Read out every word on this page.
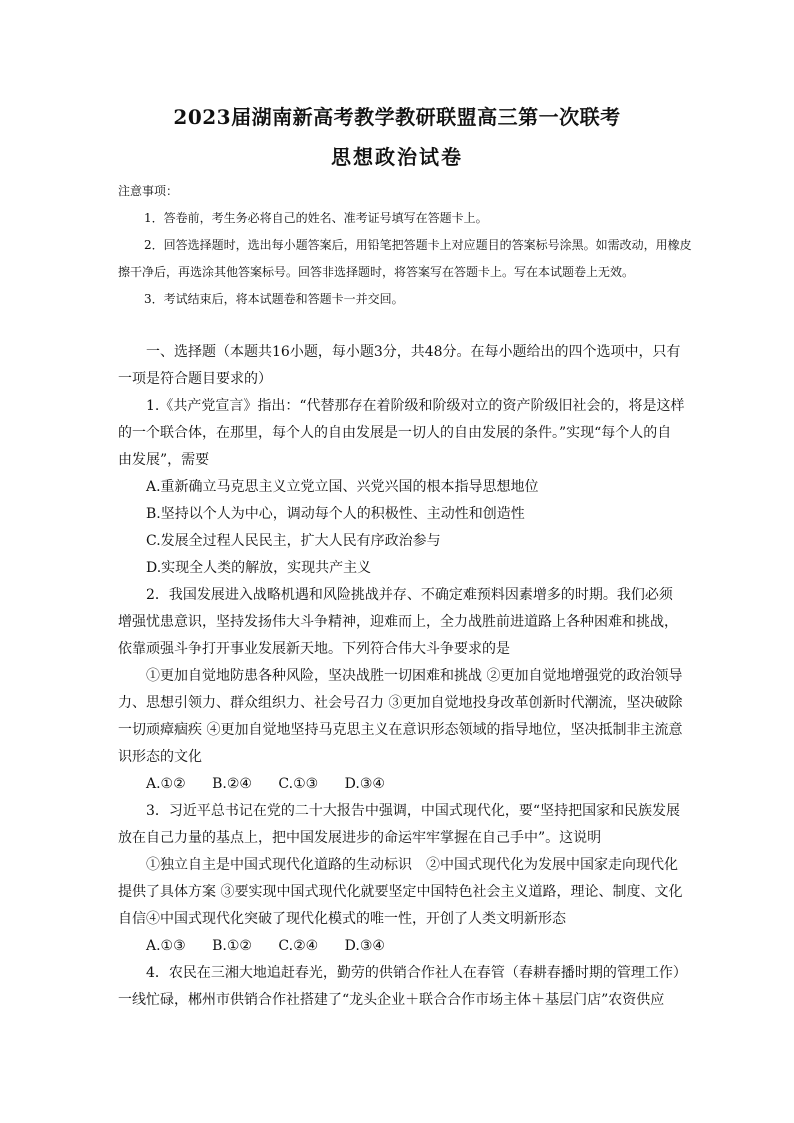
2023届湖南新高考教学教研联盟高三第一次联考
思想政治试卷

注意事项：

1．答卷前，考生务必将自己的姓名、准考证号填写在答题卡上。

2．回答选择题时，选出每小题答案后，用铅笔把答题卡上对应题目的答案标号涂黑。如需改动，用橡皮擦干净后，再选涂其他答案标号。回答非选择题时，将答案写在答题卡上。写在本试题卷上无效。

3．考试结束后，将本试题卷和答题卡一并交回。

一、选择题（本题共16小题，每小题3分，共48分。在每小题给出的四个选项中，只有一项是符合题目要求的）

1.《共产党宣言》指出：“代替那存在着阶级和阶级对立的资产阶级旧社会的，将是这样的一个联合体，在那里，每个人的自由发展是一切人的自由发展的条件。”实现“每个人的自由发展”，需要

A.重新确立马克思主义立党立国、兴党兴国的根本指导思想地位

B.坚持以个人为中心，调动每个人的积极性、主动性和创造性

C.发展全过程人民民主，扩大人民有序政治参与

D.实现全人类的解放，实现共产主义

2．我国发展进入战略机遇和风险挑战并存、不确定难预料因素增多的时期。我们必须增强忧患意识，坚持发扬伟大斗争精神，迎难而上，全力战胜前进道路上各种困难和挑战，依靠顽强斗争打开事业发展新天地。下列符合伟大斗争要求的是

①更加自觉地防患各种风险，坚决战胜一切困难和挑战 ②更加自觉地增强党的政治领导力、思想引领力、群众组织力、社会号召力 ③更加自觉地投身改革创新时代潮流，坚决破除一切顽瘴痼疾 ④更加自觉地坚持马克思主义在意识形态领域的指导地位，坚决抵制非主流意识形态的文化

A.①② B.②④ C.①③ D.③④

3．习近平总书记在党的二十大报告中强调，中国式现代化，要“坚持把国家和民族发展放在自己力量的基点上，把中国发展进步的命运牢牢掌握在自己手中”。这说明

①独立自主是中国式现代化道路的生动标识　②中国式现代化为发展中国家走向现代化提供了具体方案 ③要实现中国式现代化就要坚定中国特色社会主义道路，理论、制度、文化自信④中国式现代化突破了现代化模式的唯一性，开创了人类文明新形态

A.①③ B.①② C.②④ D.③④

4．农民在三湘大地追赶春光，勤劳的供销合作社人在春管（春耕春播时期的管理工作）一线忙碌，郴州市供销合作社搭建了“龙头企业＋联合合作市场主体＋基层门店”农资供应
